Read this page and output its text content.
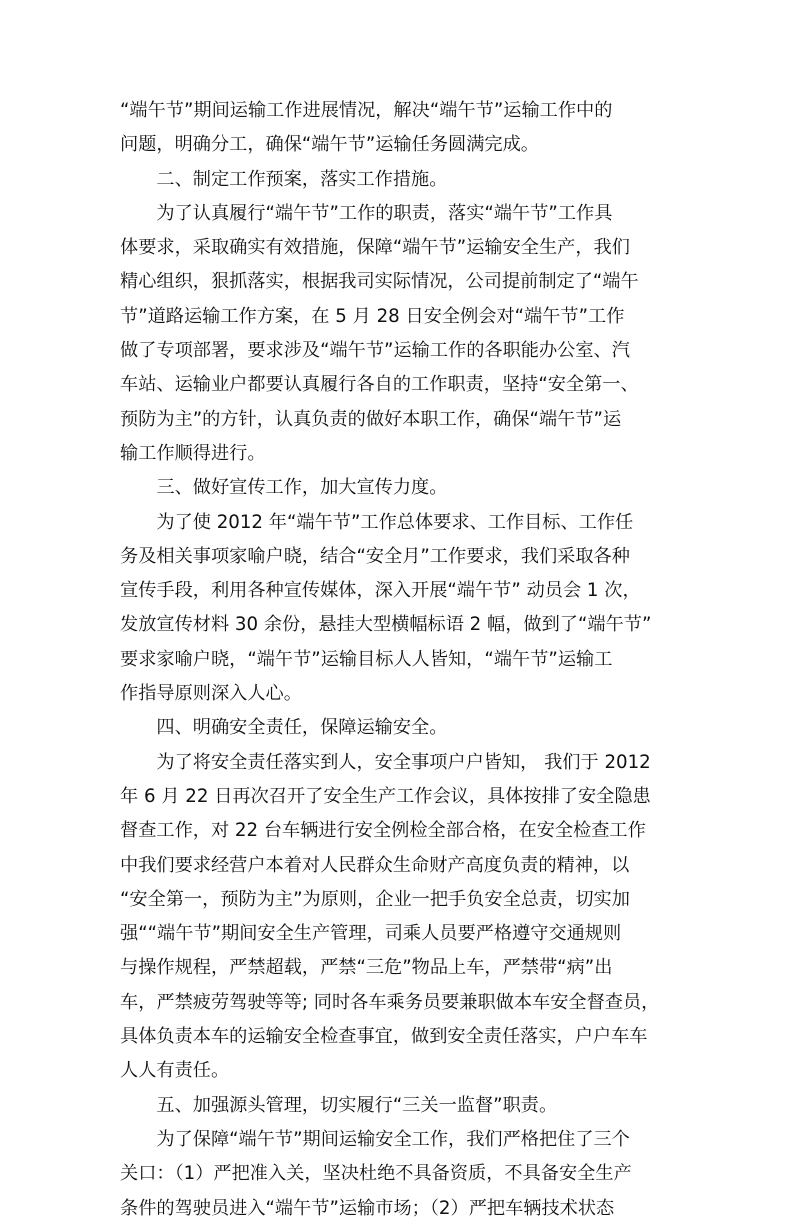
“端午节”期间运输工作进展情况，解决“端午节”运输工作中的
问题，明确分工，确保“端午节”运输任务圆满完成。
　　二、制定工作预案，落实工作措施。
　　为了认真履行“端午节”工作的职责，落实“端午节”工作具
体要求，采取确实有效措施，保障“端午节”运输安全生产，我们
精心组织，狠抓落实，根据我司实际情况，公司提前制定了“端午
节”道路运输工作方案，在 5 月 28 日安全例会对“端午节”工作
做了专项部署，要求涉及“端午节”运输工作的各职能办公室、汽
车站、运输业户都要认真履行各自的工作职责，坚持“安全第一、
预防为主”的方针，认真负责的做好本职工作，确保“端午节”运
输工作顺得进行。
　　三、做好宣传工作，加大宣传力度。
　　为了使 2012 年“端午节”工作总体要求、工作目标、工作任
务及相关事项家喻户晓，结合“安全月”工作要求，我们采取各种
宣传手段，利用各种宣传媒体，深入开展“端午节” 动员会 1 次，
发放宣传材料 30 余份，悬挂大型横幅标语 2 幅，做到了“端午节”
要求家喻户晓，“端午节”运输目标人人皆知，“端午节”运输工
作指导原则深入人心。
　　四、明确安全责任，保障运输安全。
　　为了将安全责任落实到人，安全事项户户皆知， 我们于 2012
年 6 月 22 日再次召开了安全生产工作会议，具体按排了安全隐患
督查工作，对 22 台车辆进行安全例检全部合格，在安全检查工作
中我们要求经营户本着对人民群众生命财产高度负责的精神，以
“安全第一，预防为主”为原则，企业一把手负安全总责，切实加
强““端午节”期间安全生产管理，司乘人员要严格遵守交通规则
与操作规程，严禁超载，严禁“三危”物品上车，严禁带“病”出
车，严禁疲劳驾驶等等; 同时各车乘务员要兼职做本车安全督查员，
具体负责本车的运输安全检查事宜，做到安全责任落实，户户车车
人人有责任。
　　五、加强源头管理，切实履行“三关一监督”职责。
　　为了保障“端午节”期间运输安全工作，我们严格把住了三个
关口：（1）严把准入关，坚决杜绝不具备资质，不具备安全生产
条件的驾驶员进入“端午节”运输市场；（2）严把车辆技术状态
